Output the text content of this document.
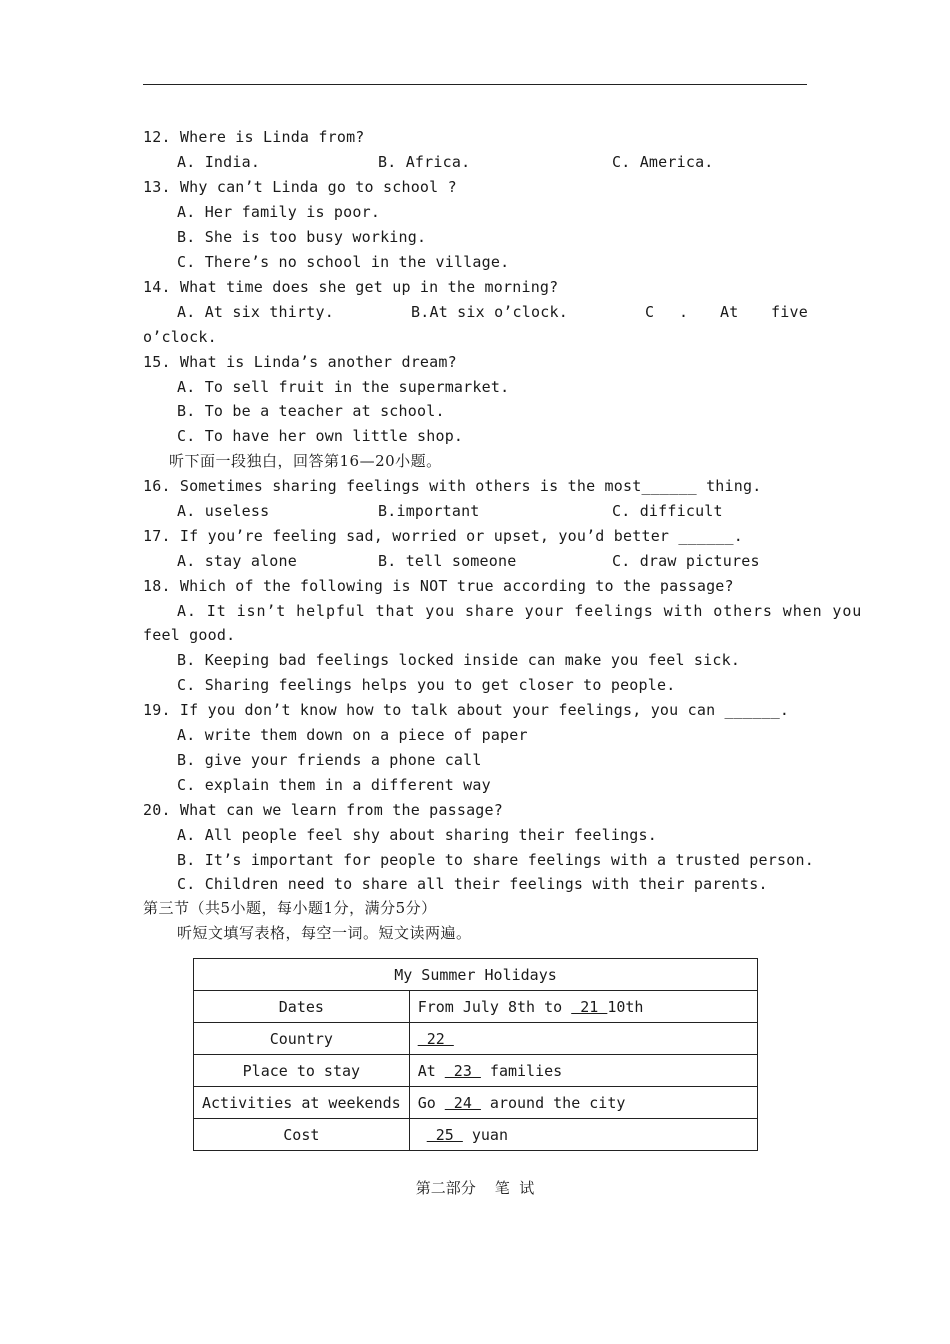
12. Where is Linda from?

A. India.

	B. Africa.

	C. America.

13. Why can’t Linda go to school ?
A. Her family is poor.
B. She is too busy working.
C. There’s no school in the village.
14. What time does she get up in the morning?

A. At six thirty.

	B.At six o’clock.

	C

.

At

five

o’clock.
15. What is Linda’s another dream?
A. To sell fruit in the supermarket.
B. To be a teacher at school.
C. To have her own little shop.
听下面一段独白，回答第16—20小题。
16. Sometimes sharing feelings with others is the most______ thing.

A. useless

	B.important

	C. difficult

17. If you’re feeling sad, worried or upset, you’d better ______.

A. stay alone

	B. tell someone

	C. draw pictures

18. Which of the following is NOT true according to the passage?
A. It isn’t helpful that you share your feelings with others when you
feel good.
B. Keeping bad feelings locked inside can make you feel sick.
C. Sharing feelings helps you to get closer to people.
19. If you don’t know how to talk about your feelings, you can ______.
A. write them down on a piece of paper
B. give your friends a phone call
C. explain them in a different way
20. What can we learn from the passage?
A. All people feel shy about sharing their feelings.
B. It’s important for people to share feelings with a trusted person.
C. Children need to share all their feelings with their parents.
第三节（共5小题，每小题1分，满分5分）
听短文填写表格，每空一词。短文读两遍。
My Summer Holidays	
Dates	From July 8th to  21 10th
Country	22
Place to stay	At  23  families
Activities at weekends	Go  24  around the city
Cost	25  yuan
第二部分    笔  试
